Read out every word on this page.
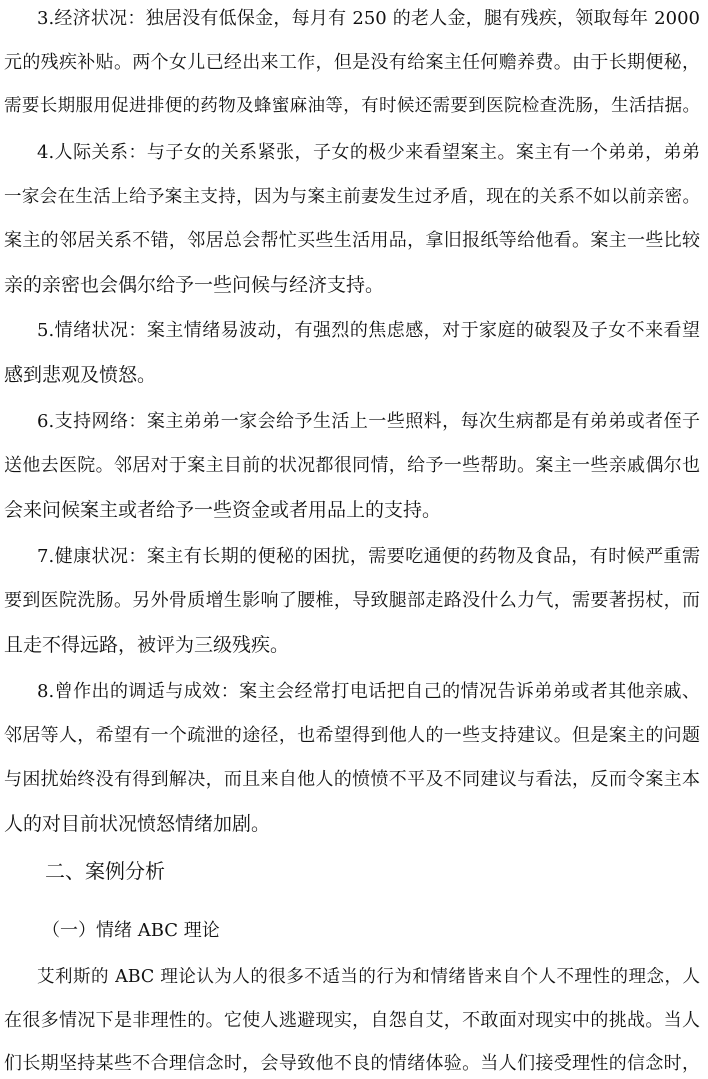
3.经济状况：独居没有低保金，每月有 250 的老人金，腿有残疾，领取每年 2000
元的残疾补贴。两个女儿已经出来工作，但是没有给案主任何赡养费。由于长期便秘，
需要长期服用促进排便的药物及蜂蜜麻油等，有时候还需要到医院检查洗肠，生活拮据。
4.人际关系：与子女的关系紧张，子女的极少来看望案主。案主有一个弟弟，弟弟
一家会在生活上给予案主支持，因为与案主前妻发生过矛盾，现在的关系不如以前亲密。
案主的邻居关系不错，邻居总会帮忙买些生活用品，拿旧报纸等给他看。案主一些比较
亲的亲密也会偶尔给予一些问候与经济支持。
5.情绪状况：案主情绪易波动，有强烈的焦虑感，对于家庭的破裂及子女不来看望
感到悲观及愤怒。
6.支持网络：案主弟弟一家会给予生活上一些照料，每次生病都是有弟弟或者侄子
送他去医院。邻居对于案主目前的状况都很同情，给予一些帮助。案主一些亲戚偶尔也
会来问候案主或者给予一些资金或者用品上的支持。
7.健康状况：案主有长期的便秘的困扰，需要吃通便的药物及食品，有时候严重需
要到医院洗肠。另外骨质增生影响了腰椎，导致腿部走路没什么力气，需要著拐杖，而
且走不得远路，被评为三级残疾。
8.曾作出的调适与成效：案主会经常打电话把自己的情况告诉弟弟或者其他亲戚、
邻居等人，希望有一个疏泄的途径，也希望得到他人的一些支持建议。但是案主的问题
与困扰始终没有得到解决，而且来自他人的愤愤不平及不同建议与看法，反而令案主本
人的对目前状况愤怒情绪加剧。
二、案例分析
（一）情绪 ABC 理论
艾利斯的 ABC 理论认为人的很多不适当的行为和情绪皆来自个人不理性的理念，人
在很多情况下是非理性的。它使人逃避现实，自怨自艾，不敢面对现实中的挑战。当人
们长期坚持某些不合理信念时，会导致他不良的情绪体验。当人们接受理性的信念时，
